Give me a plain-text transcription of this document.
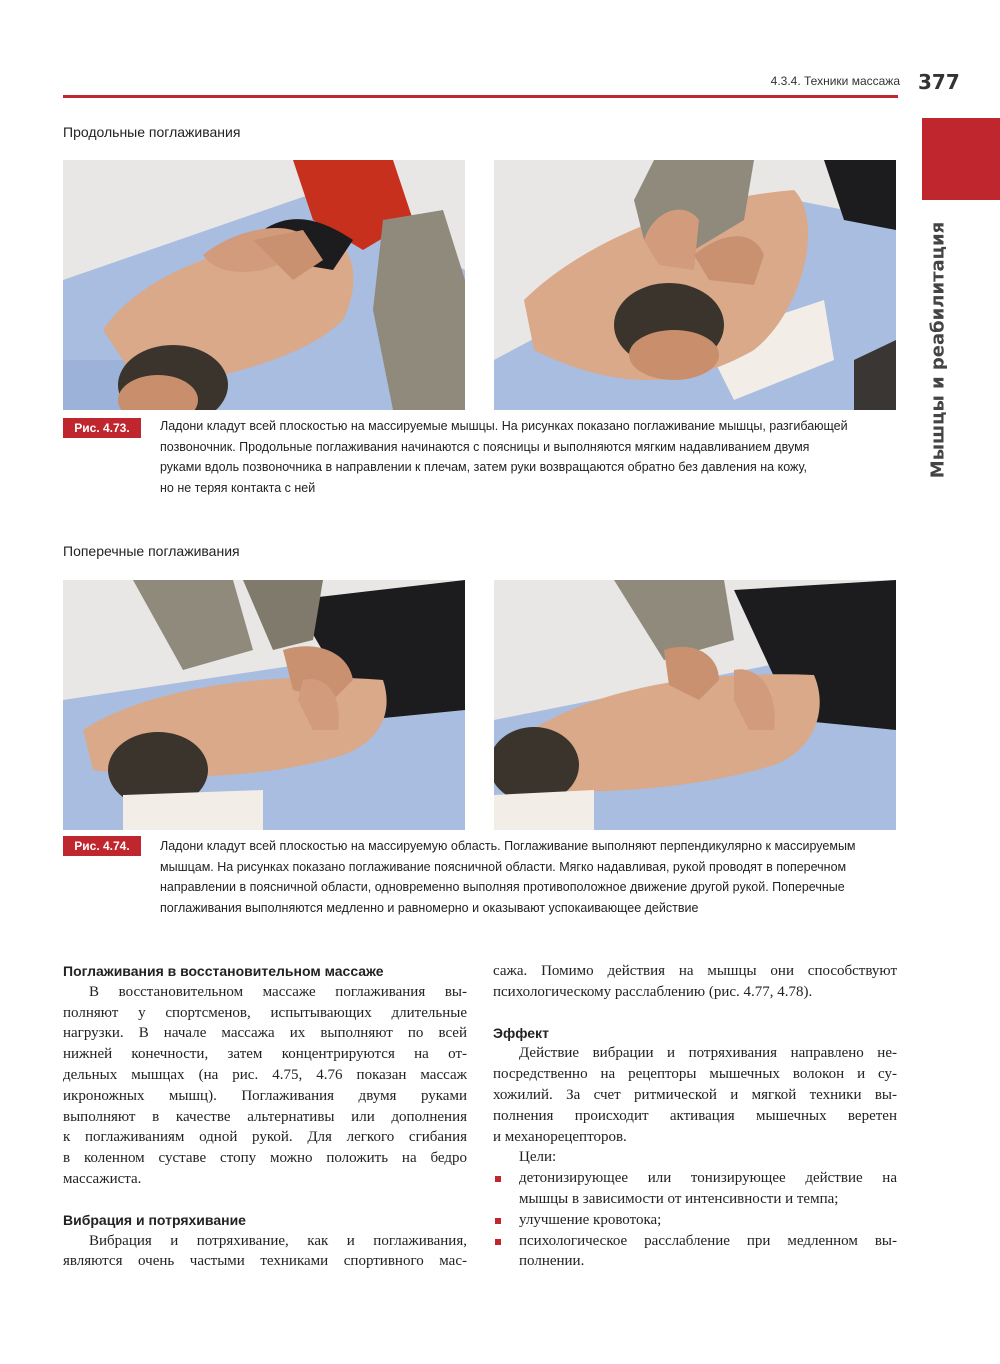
4.3.4. Техники массажа 377
Мышцы и реабилитация
Продольные поглаживания
Рис. 4.73.	Ладони кладут всей плоскостью на массируемые мышцы. На рисунках показано поглаживание мышцы, разгибающей
позвоночник. Продольные поглаживания начинаются с поясницы и выполняются мягким надавливанием двумя
руками вдоль позвоночника в направлении к плечам, затем руки возвращаются обратно без давления на кожу,
но не теряя контакта с ней
Поперечные поглаживания
Рис. 4.74.	Ладони кладут всей плоскостью на массируемую область. Поглаживание выполняют перпендикулярно к массируемым
мышцам. На рисунках показано поглаживание поясничной области. Мягко надавливая, рукой проводят в поперечном
направлении в поясничной области, одновременно выполняя противоположное движение другой рукой. Поперечные
поглаживания выполняются медленно и равномерно и оказывают успокаивающее действие
Поглаживания в восстановительном массаже
В восстановительном массаже поглаживания вы-
полняют у спортсменов, испытывающих длительные
нагрузки. В начале массажа их выполняют по всей
нижней конечности, затем концентрируются на от-
дельных мышцах (на рис. 4.75, 4.76 показан массаж
икроножных мышц). Поглаживания двумя руками
выполняют в качестве альтернативы или дополнения
к поглаживаниям одной рукой. Для легкого сгибания
в коленном суставе стопу можно положить на бедро
массажиста.
Вибрация и потряхивание
Вибрация и потряхивание, как и поглаживания,
являются очень частыми техниками спортивного мас-
сажа. Помимо действия на мышцы они способствуют
психологическому расслаблению (рис. 4.77, 4.78).
Эффект
Действие вибрации и потряхивания направлено не-
посредственно на рецепторы мышечных волокон и су-
хожилий. За счет ритмической и мягкой техники вы-
полнения происходит активация мышечных веретен
и механорецепторов.
Цели:
детонизирующее или тонизирующее действие на
мышцы в зависимости от интенсивности и темпа;
улучшение кровотока;
психологическое расслабление при медленном вы-
полнении.
